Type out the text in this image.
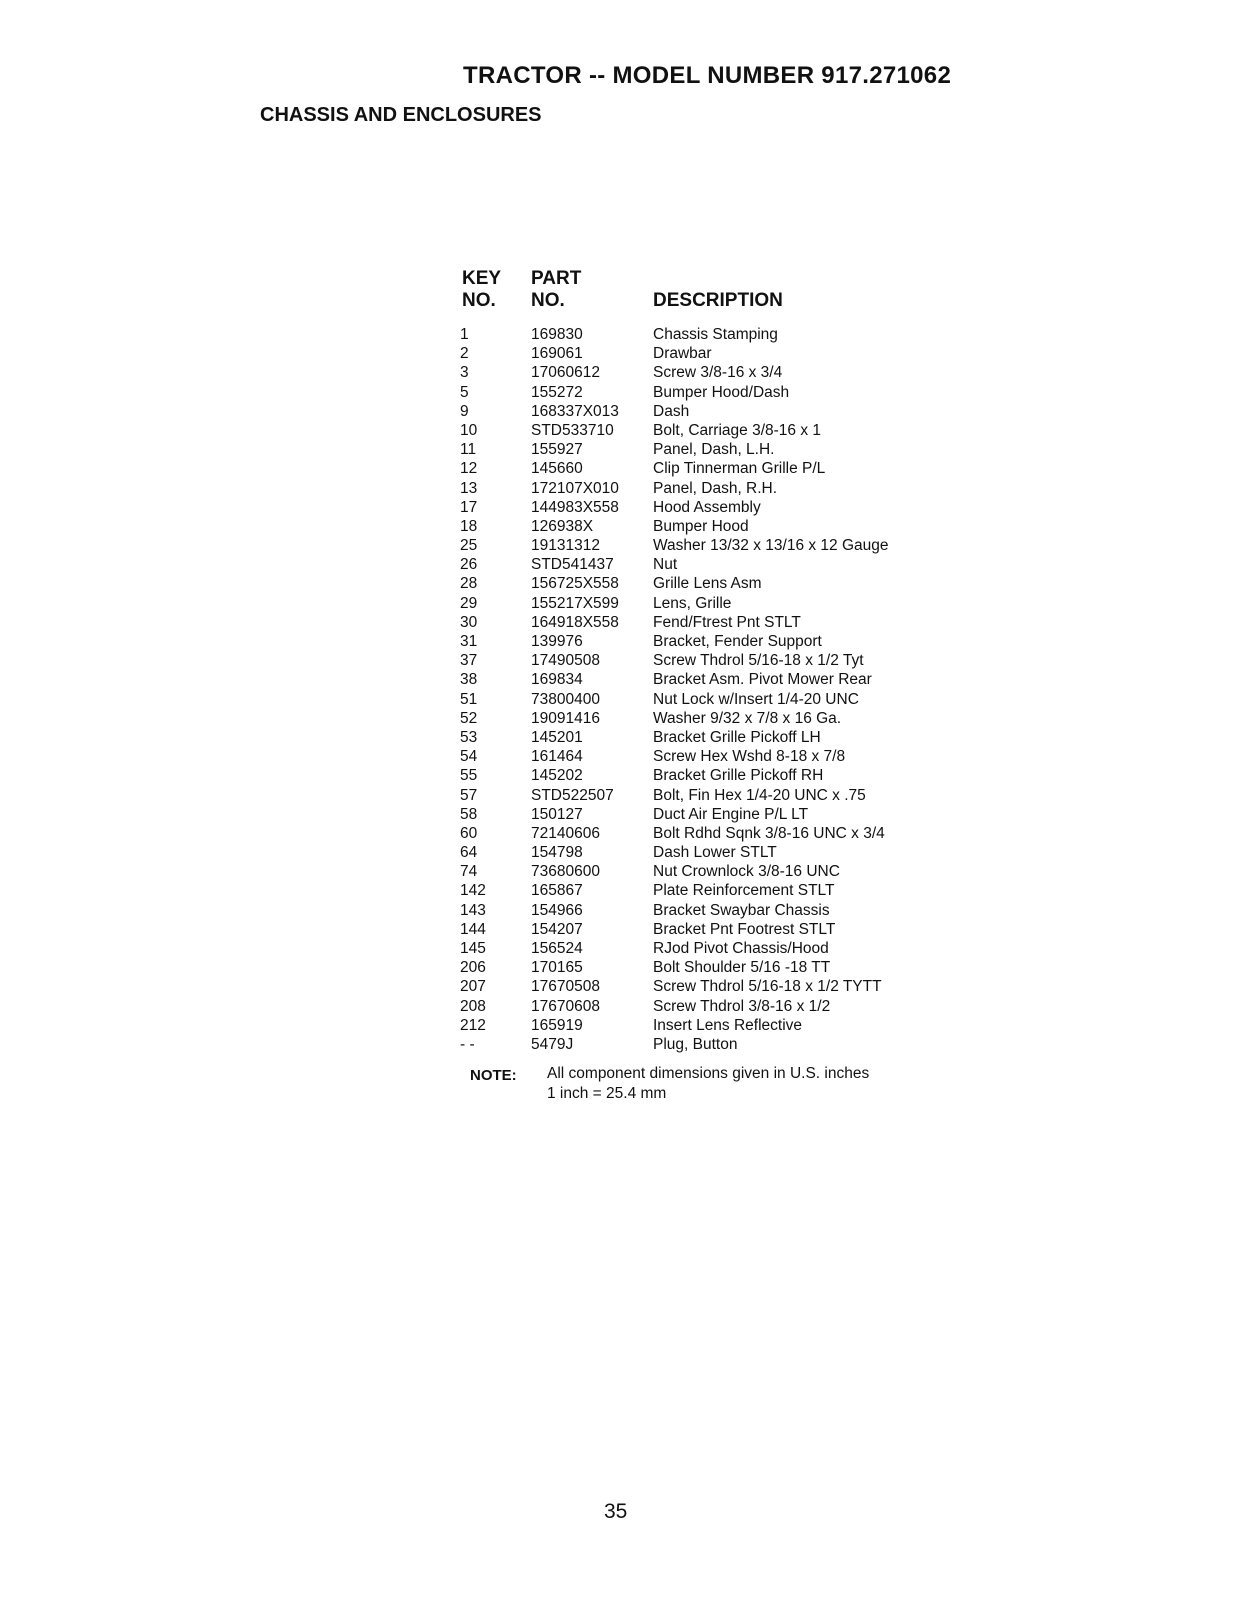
TRACTOR -- MODEL NUMBER 917.271062
CHASSIS AND ENCLOSURES
KEY
NO.
PART
NO.	DESCRIPTION
1	169830	Chassis Stamping
2	169061	Drawbar
3	17060612	Screw 3/8-16 x 3/4
5	155272	Bumper Hood/Dash
9	168337X013 Dash
10	STD533710	Bolt, Carriage 3/8-16 x 1
11	155927	Panel, Dash, L.H.
12	145660	Clip Tinnerman Grille P/L
13	172107X010 Panel, Dash, R.H.
17	144983X558 Hood Assembly
18	126938X	Bumper Hood
25	19131312	Washer 13/32 x 13/16 x 12 Gauge
26	STD541437	Nut
28	156725X558 Grille Lens Asm
29	155217X599 Lens, Grille
30	164918X558 Fend/Ftrest Pnt STLT
31	139976	Bracket, Fender Support
37	17490508	Screw Thdrol 5/16-18 x 1/2 Tyt
38	169834	Bracket Asm. Pivot Mower Rear
51	73800400	Nut Lock w/Insert 1/4-20 UNC
52	19091416	Washer 9/32 x 7/8 x 16 Ga.
53	145201	Bracket Grille Pickoff LH
54	161464	Screw Hex Wshd 8-18 x 7/8
55	145202	Bracket Grille Pickoff RH
57	STD522507	Bolt, Fin Hex 1/4-20 UNC x .75
58	150127	Duct Air Engine P/L LT
60	72140606	Bolt Rdhd Sqnk 3/8-16 UNC x 3/4
64	154798	Dash Lower STLT
74	73680600	Nut Crownlock 3/8-16 UNC
142	165867	Plate Reinforcement STLT
143	154966	Bracket Swaybar Chassis
144	154207	Bracket Pnt Footrest STLT
145	156524	RJod Pivot Chassis/Hood
206	170165	Bolt Shoulder 5/16 -18 TT
207	17670508	Screw Thdrol 5/16-18 x 1/2 TYTT
208	17670608	Screw Thdrol 3/8-16 x 1/2
212	165919	Insert Lens Reflective
- -	5479J	Plug, Button
NOTE: All component dimensions given in U.S. inches
1 inch = 25.4 mm
35
